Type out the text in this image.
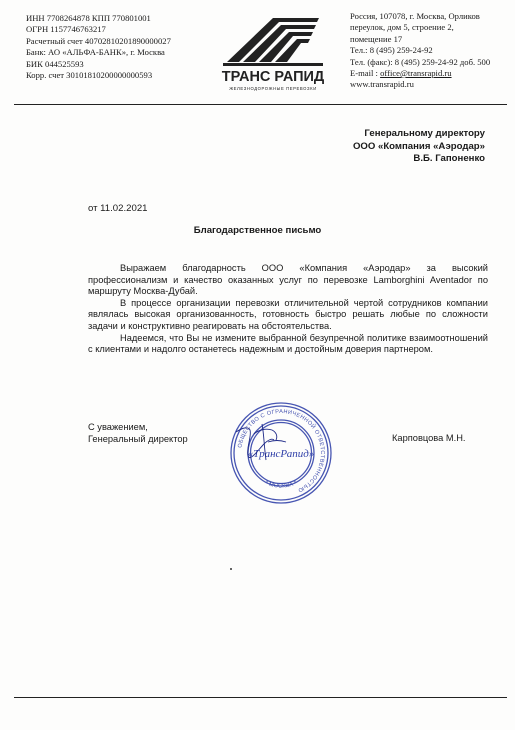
ИНН 7708264878 КПП 770801001
ОГРН 1157746763217
Расчетный счет 40702810201890000027
Банк: АО «АЛЬФА-БАНК», г. Москва
БИК 044525593
Корр. счет 30101810200000000593	ТРАНС РАПИД
ЖЕЛЕЗНОДОРОЖНЫЕ ПЕРЕВОЗКИ
Россия, 107078, г. Москва, Орликов
переулок, дом 5, строение 2,
помещение 17
Тел.: 8 (495) 259-24-92
Тел. (факс): 8 (495) 259-24-92 доб. 500
E-mail : office@transrapid.ru
www.transrapid.ru
Генеральному директору
ООО «Компания «Аэродар»
В.Б. Гапоненко
от 11.02.2021
Благодарственное письмо

Выражаем благодарность ООО «Компания «Аэродар» за высокий профессионализм и качество оказанных услуг по перевозке Lamborghini Aventador по маршруту Москва-Дубай.

В процессе организации перевозки отличительной чертой сотрудников компании являлась высокая организованность, готовность быстро решать любые по сложности задачи и конструктивно реагировать на обстоятельства.

Надеемся, что Вы не измените выбранной безупречной политике взаимоотношений с клиентами и надолго останетесь надежным и достойным доверия партнером.

С уважением,
Генеральный директор
ОБЩЕСТВО С ОГРАНИЧЕННОЙ ОТВЕТСТВЕННОСТЬЮ
* МОСКВА *
«ТрансРапид»
Карповцова М.Н.
